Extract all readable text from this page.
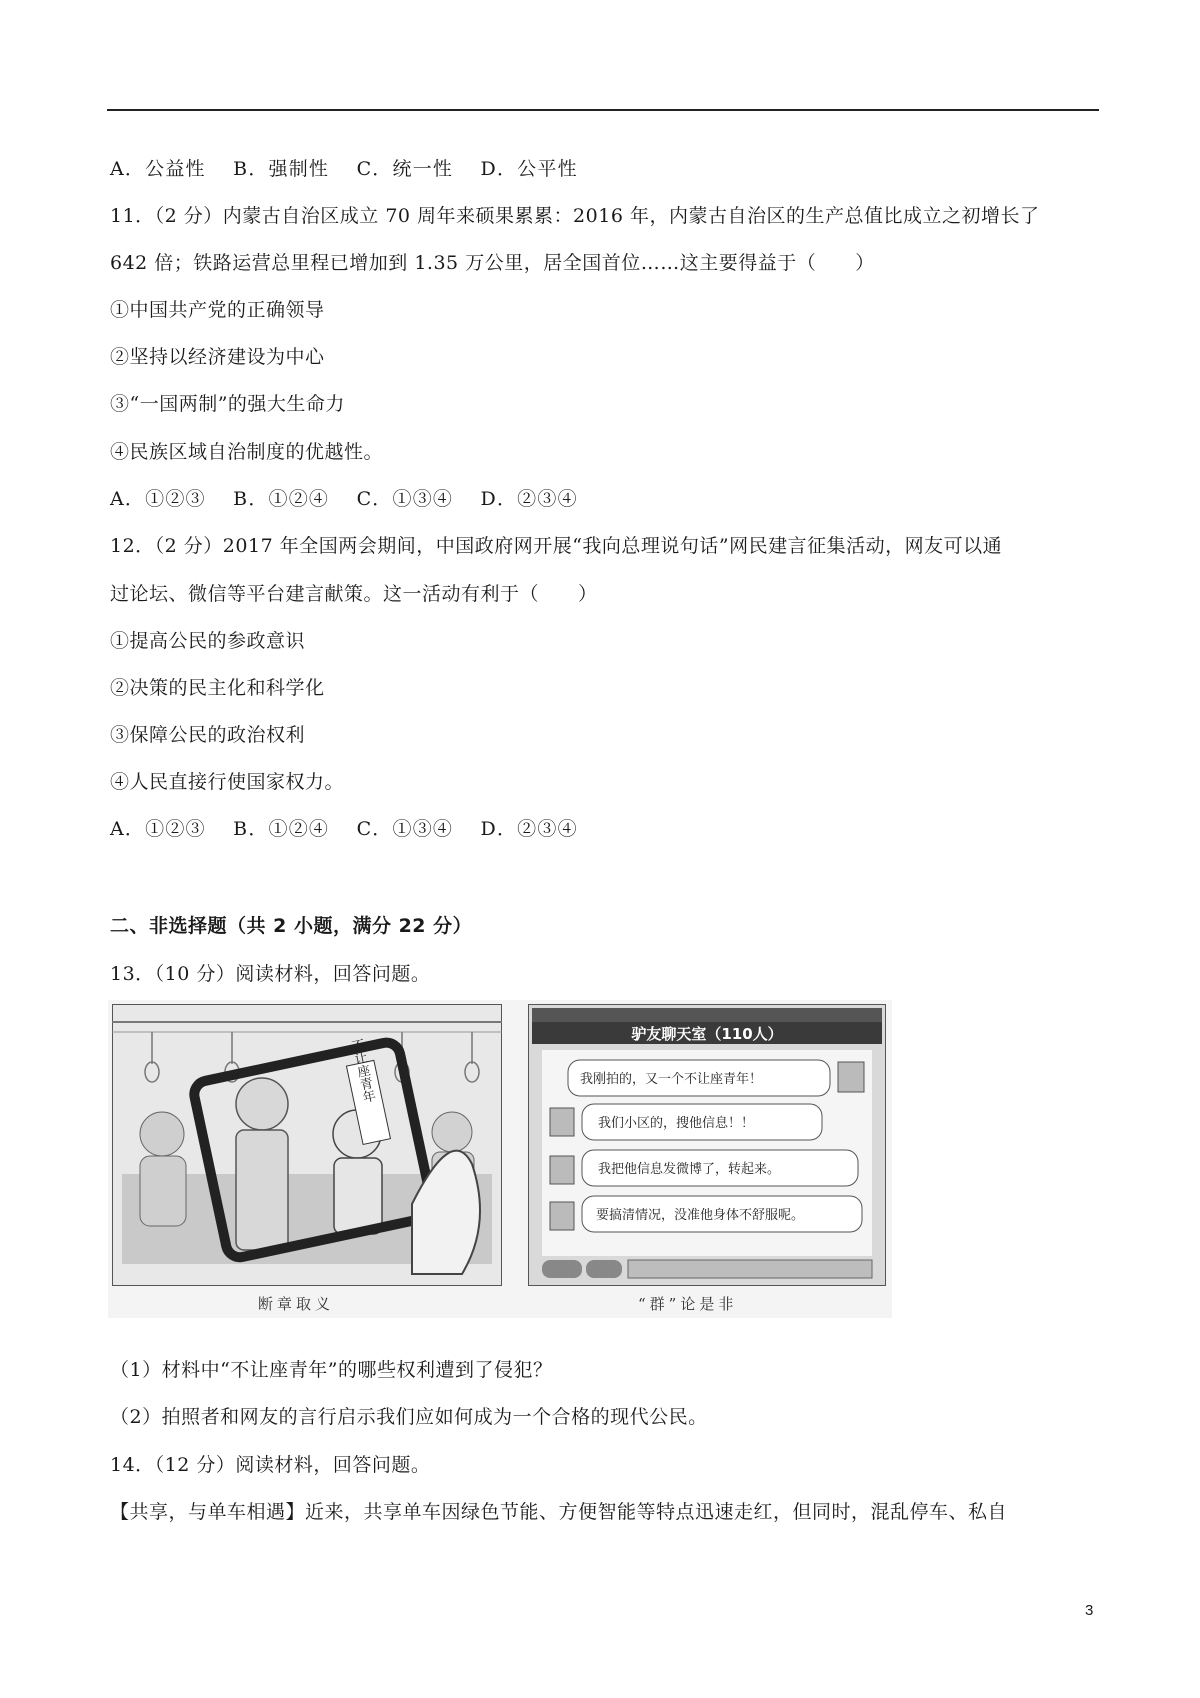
A．公益性　 B．强制性　 C．统一性　 D．公平性
11．（2 分）内蒙古自治区成立 70 周年来硕果累累：2016 年，内蒙古自治区的生产总值比成立之初增长了
642 倍；铁路运营总里程已增加到 1.35 万公里，居全国首位……这主要得益于（　　）
①中国共产党的正确领导
②坚持以经济建设为中心
③“一国两制”的强大生命力
④民族区域自治制度的优越性。
A．①②③　 B．①②④　 C．①③④　 D．②③④
12．（2 分）2017 年全国两会期间，中国政府网开展“我向总理说句话”网民建言征集活动，网友可以通
过论坛、微信等平台建言献策。这一活动有利于（　　）
①提高公民的参政意识
②决策的民主化和科学化
③保障公民的政治权利
④人民直接行使国家权力。
A．①②③　 B．①②④　 C．①③④　 D．②③④
二、非选择题（共 2 小题，满分 22 分）
13．（10 分）阅读材料，回答问题。
不让座青年
驴友聊天室（110人）
我刚拍的，又一个不让座青年！
我们小区的，搜他信息！！
我把他信息发微博了，转起来。
要搞清情况，没准他身体不舒服呢。
断章取义	“群”论是非
（1）材料中“不让座青年”的哪些权利遭到了侵犯？
（2）拍照者和网友的言行启示我们应如何成为一个合格的现代公民。
14．（12 分）阅读材料，回答问题。
【共享，与单车相遇】近来，共享单车因绿色节能、方便智能等特点迅速走红，但同时，混乱停车、私自
3
